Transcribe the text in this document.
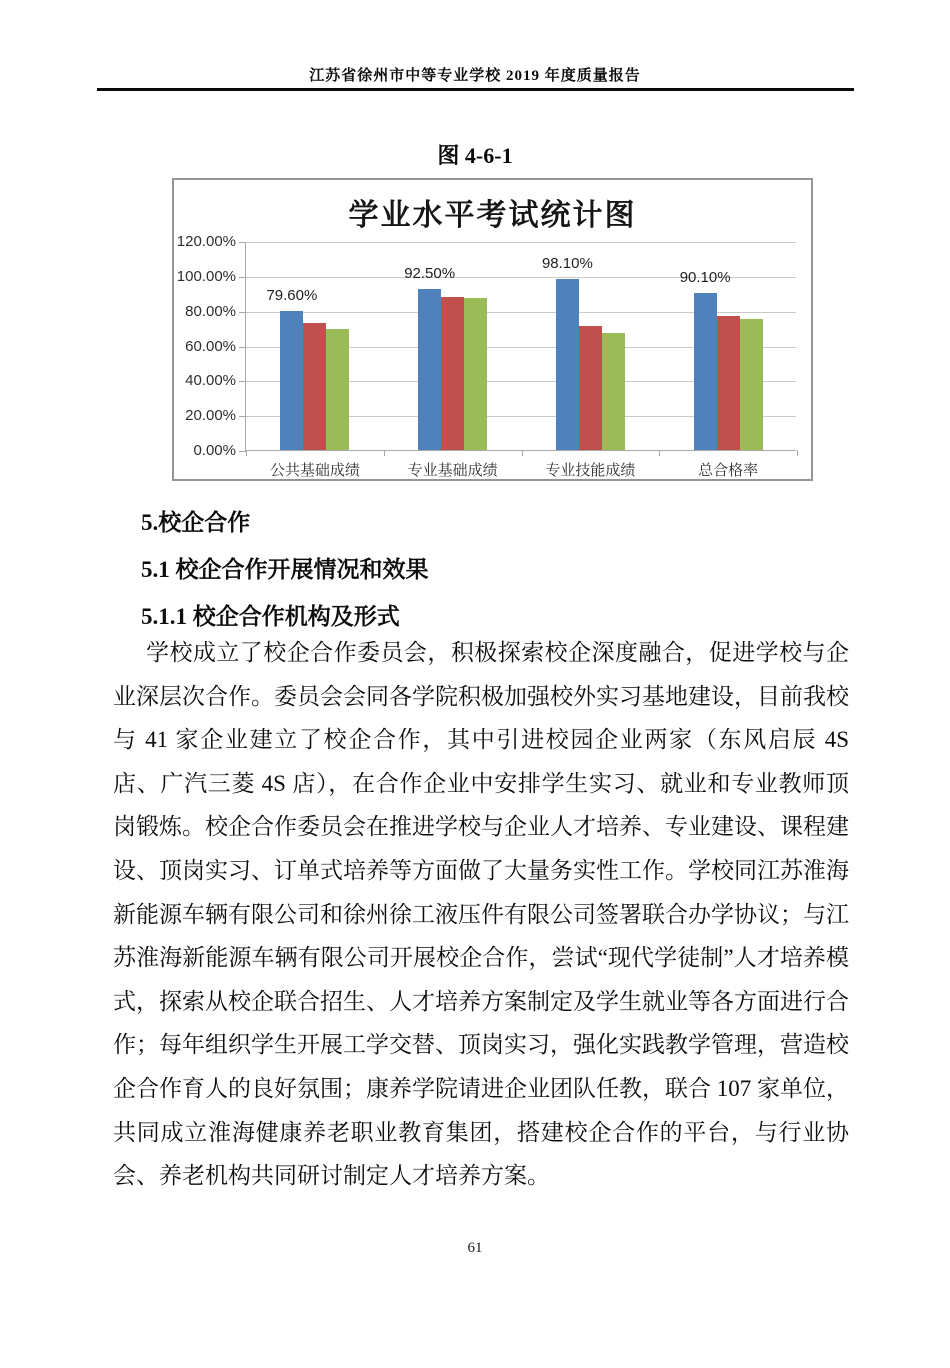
江苏省徐州市中等专业学校 2019 年度质量报告
图 4-6-1
学业水平考试统计图
0.00%
20.00%
40.00%
60.00%
80.00%
100.00%
120.00%
79.60%
公共基础成绩
92.50%
专业基础成绩
98.10%
专业技能成绩
90.10%
总合格率
5.校企合作
5.1 校企合作开展情况和效果
5.1.1 校企合作机构及形式

学校成立了校企合作委员会，积极探索校企深度融合，促进学校与企业深层次合作。委员会会同各学院积极加强校外实习基地建设，目前我校与 41 家企业建立了校企合作，其中引进校园企业两家（东风启辰 4S 店、广汽三菱 4S 店），在合作企业中安排学生实习、就业和专业教师顶岗锻炼。校企合作委员会在推进学校与企业人才培养、专业建设、课程建设、顶岗实习、订单式培养等方面做了大量务实性工作。学校同江苏淮海新能源车辆有限公司和徐州徐工液压件有限公司签署联合办学协议；与江苏淮海新能源车辆有限公司开展校企合作，尝试“现代学徒制”人才培养模式，探索从校企联合招生、人才培养方案制定及学生就业等各方面进行合作；每年组织学生开展工学交替、顶岗实习，强化实践教学管理，营造校企合作育人的良好氛围；康养学院请进企业团队任教，联合 107 家单位，共同成立淮海健康养老职业教育集团，搭建校企合作的平台，与行业协会、养老机构共同研讨制定人才培养方案。

61
